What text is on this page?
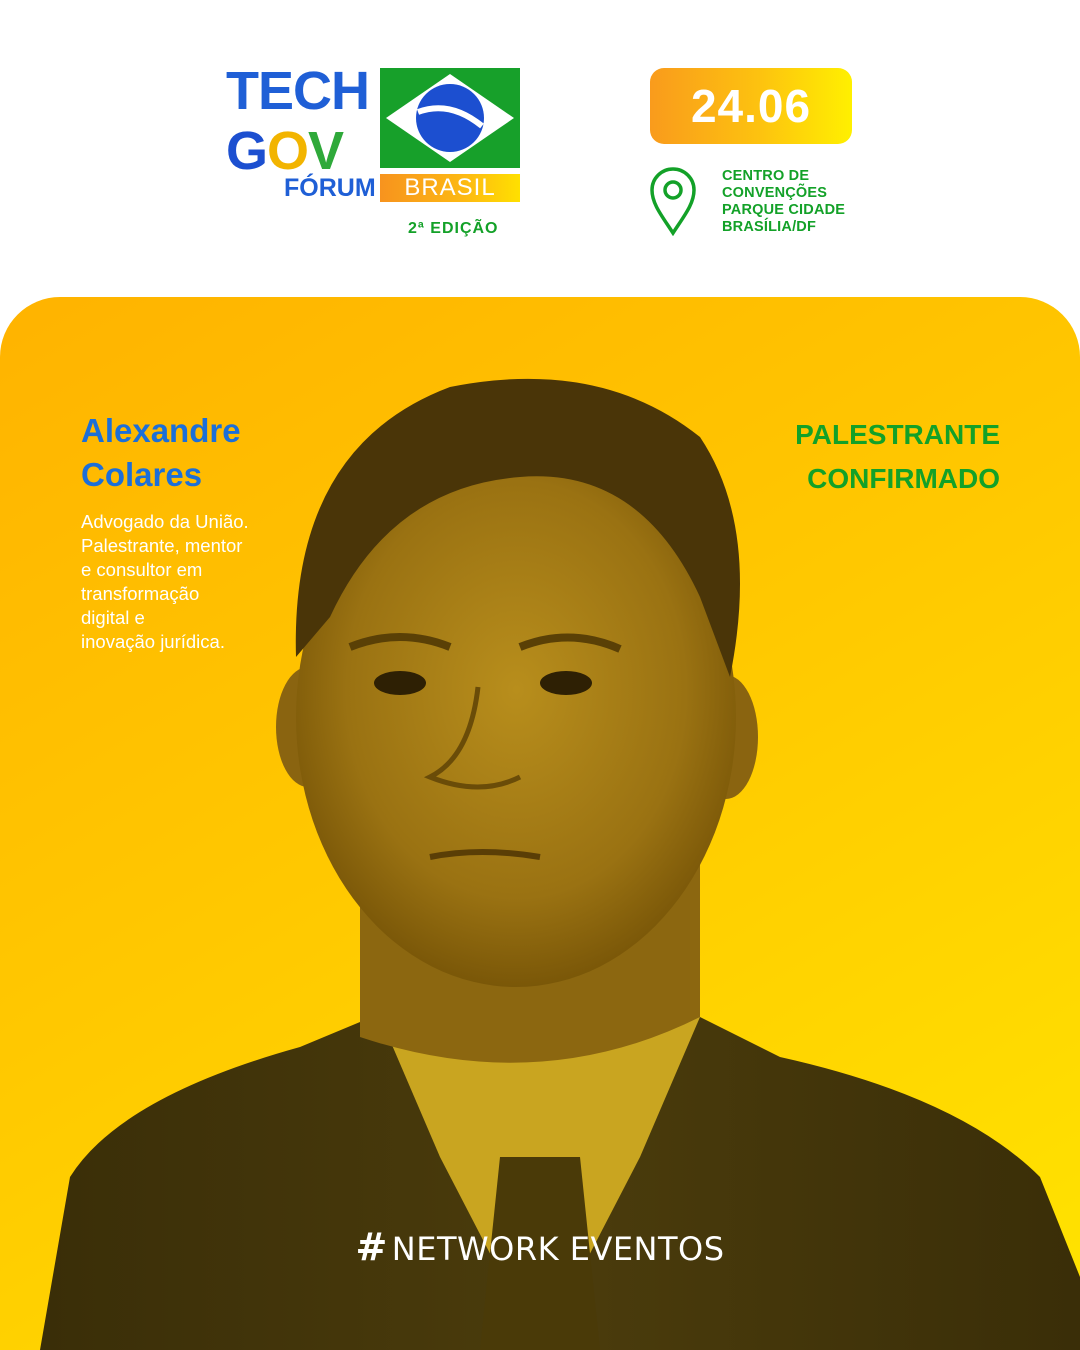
TECH
GOV
FÓRUM	BRASIL
2ª EDIÇÃO
24.06
CENTRO DE
CONVENÇÕES
PARQUE CIDADE
BRASÍLIA/DF
Alexandre
Colares
Advogado da União.
Palestrante, mentor
e consultor em
transformação
digital e
inovação jurídica.
PALESTRANTE
CONFIRMADO
# NETWORK EVENTOS
